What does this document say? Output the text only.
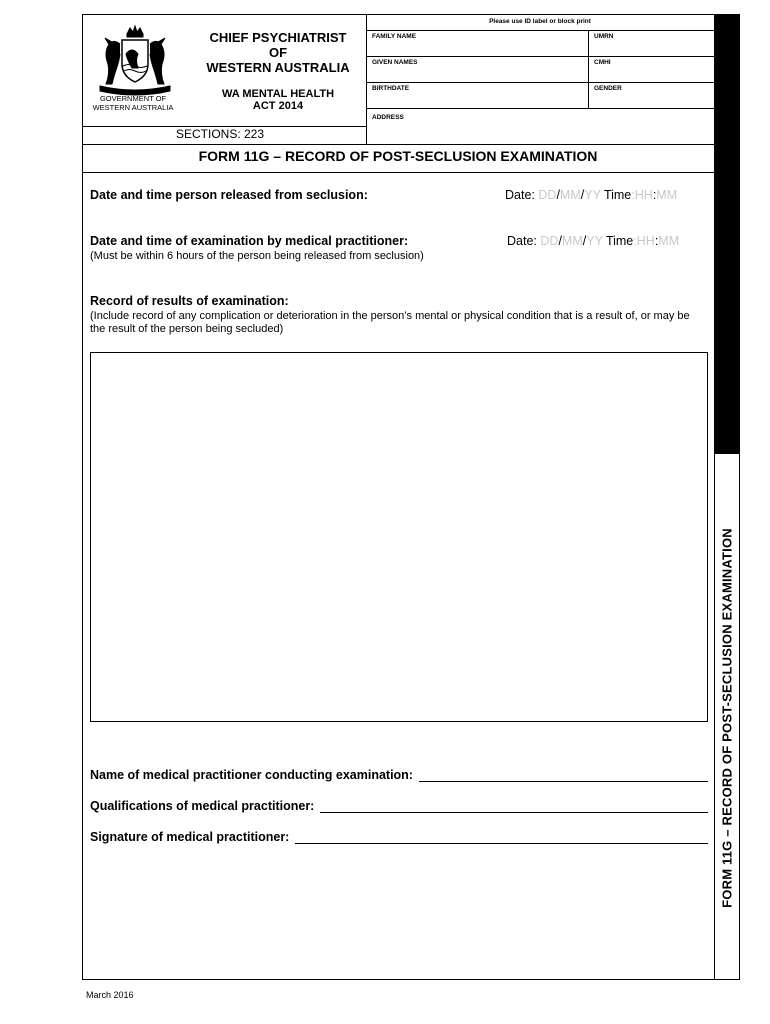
FORM 11G – RECORD OF POST-SECLUSION EXAMINATION
GOVERNMENT OF
WESTERN AUSTRALIA
CHIEF PSYCHIATRIST
OF
WESTERN AUSTRALIA
WA MENTAL HEALTH
ACT 2014
SECTIONS: 223
Please use ID label or block print
FAMILY NAME	UMRN
GIVEN NAMES	CMHI
BIRTHDATE	GENDER
ADDRESS
FORM 11G – RECORD OF POST-SECLUSION EXAMINATION
Date and time person released from seclusion:	Date: DD/MM/YY Time:HH:MM
Date and time of examination by medical practitioner:
(Must be within 6 hours of the person being released from seclusion)
Date: DD/MM/YY Time:HH:MM
Record of results of examination:
(Include record of any complication or deterioration in the person’s mental or physical condition that is a result of, or may be the result of the person being secluded)
Name of medical practitioner conducting examination:
Qualifications of medical practitioner:
Signature of medical practitioner:
March 2016
